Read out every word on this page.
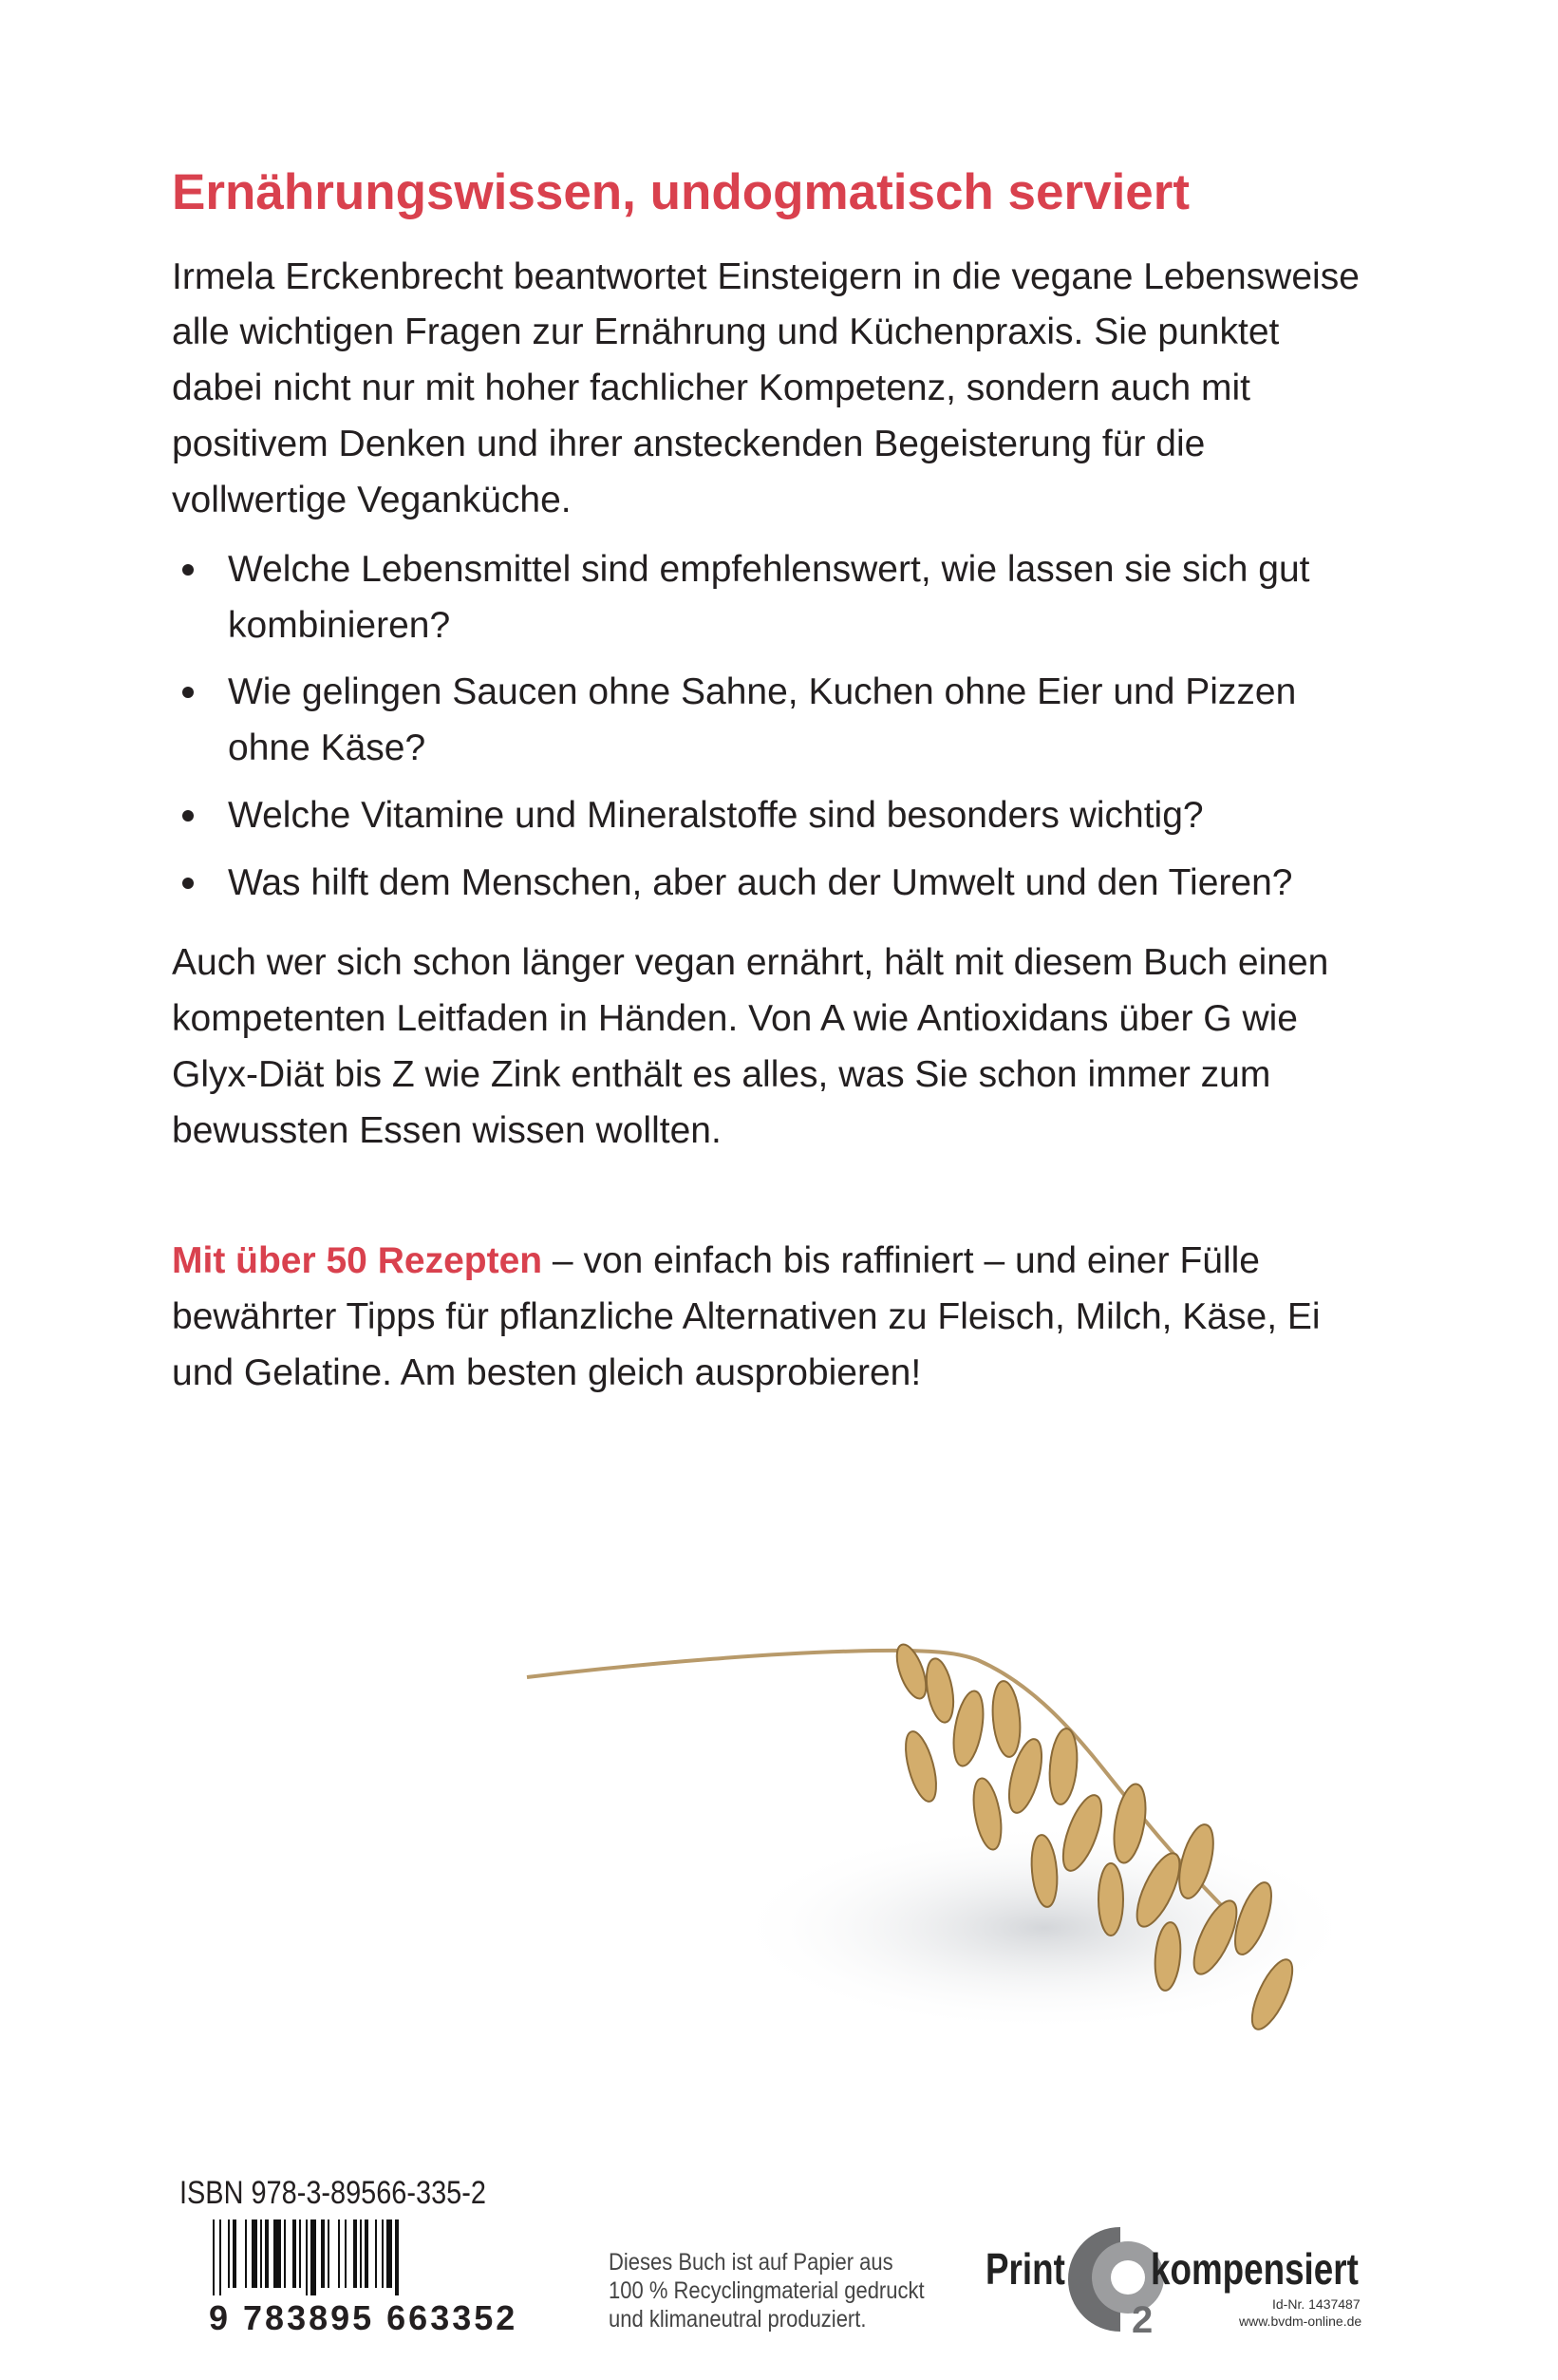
Ernährungswissen, undogmatisch serviert
Irmela Erckenbrecht beantwortet Einsteigern in die vegane Lebensweise
alle wichtigen Fragen zur Ernährung und Küchenpraxis. Sie punktet
dabei nicht nur mit hoher fachlicher Kompetenz, sondern auch mit
positivem Denken und ihrer ansteckenden Begeisterung für die
vollwertige Veganküche.
Welche Lebensmittel sind empfehlenswert, wie lassen sie sich gut
kombinieren?
Wie gelingen Saucen ohne Sahne, Kuchen ohne Eier und Pizzen
ohne Käse?
Welche Vitamine und Mineralstoffe sind besonders wichtig?
Was hilft dem Menschen, aber auch der Umwelt und den Tieren?
Auch wer sich schon länger vegan ernährt, hält mit diesem Buch einen
kompetenten Leitfaden in Händen. Von A wie Antioxidans über G wie
Glyx-Diät bis Z wie Zink enthält es alles, was Sie schon immer zum
bewussten Essen wissen wollten.
Mit über 50 Rezepten – von einfach bis raffiniert – und einer Fülle
bewährter Tipps für pflanzliche Alternativen zu Fleisch, Milch, Käse, Ei
und Gelatine. Am besten gleich ausprobieren!
ISBN 978-3-89566-335-2
9 783895 663352
Dieses Buch ist auf Papier aus
100 % Recyclingmaterial gedruckt
und klimaneutral produziert.
Print
2
kompensiert
Id-Nr. 1437487
www.bvdm-online.de
